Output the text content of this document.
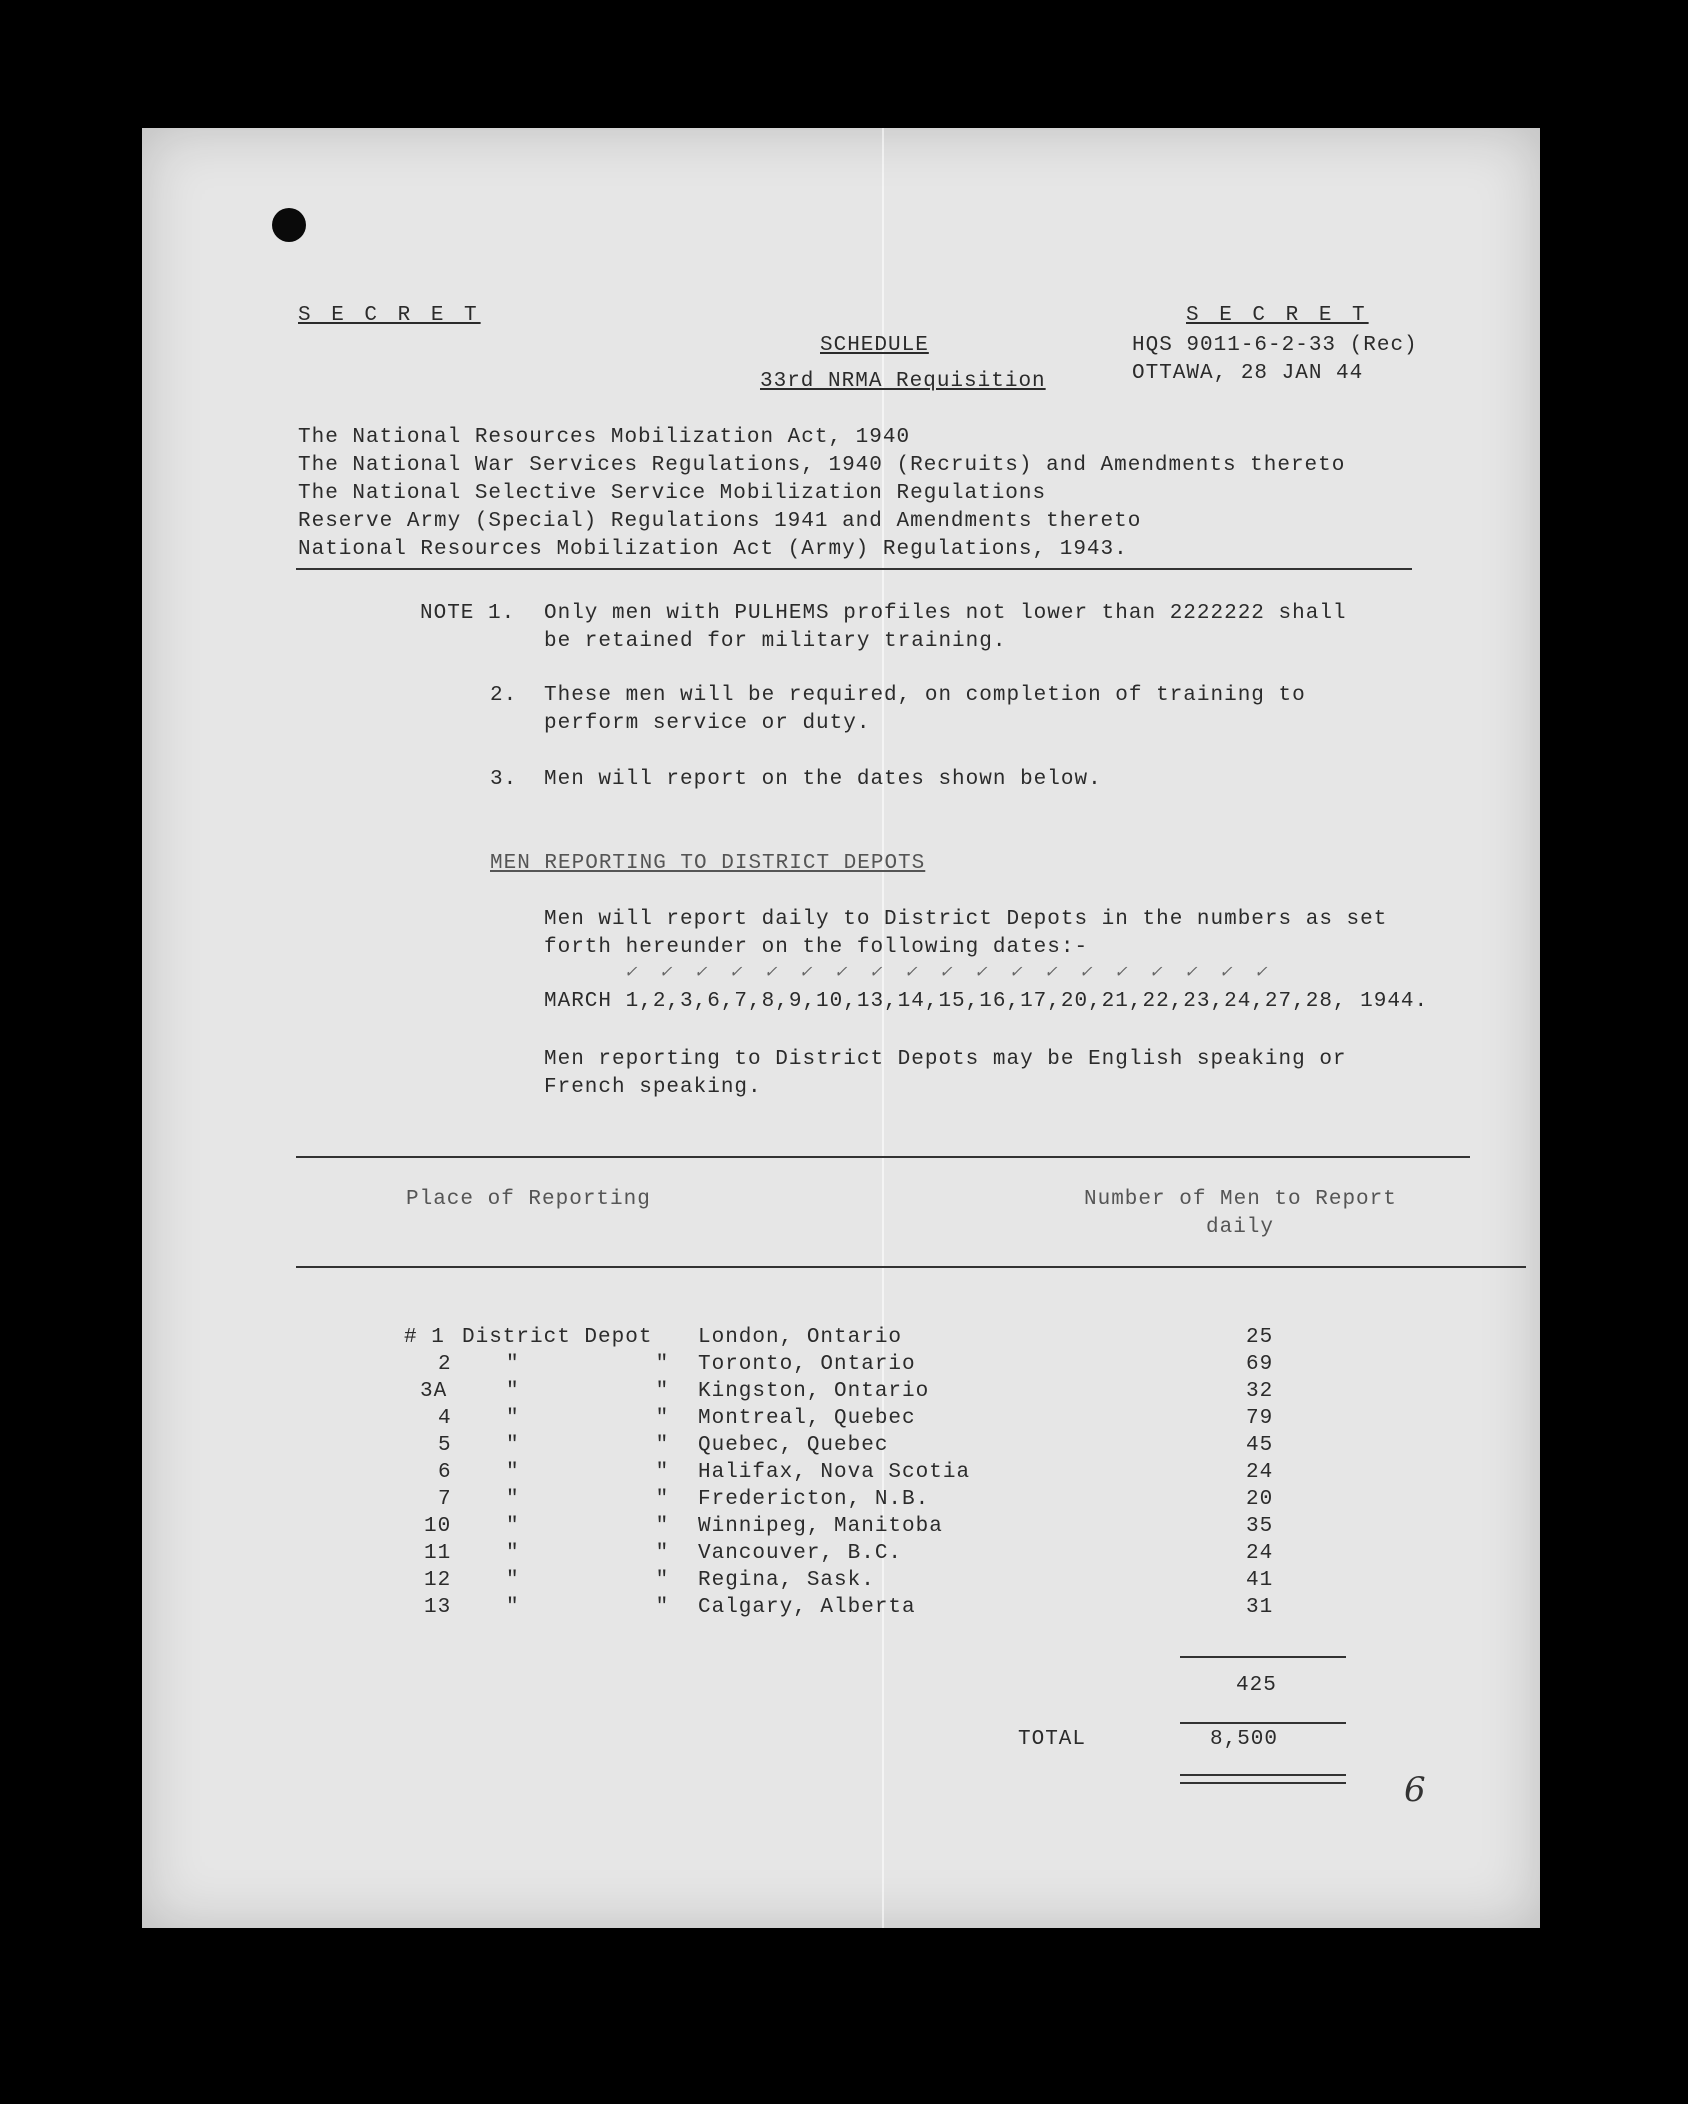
S E C R E T	S E C R E T
SCHEDULE
33rd NRMA Requisition
HQS 9011-6-2-33 (Rec)
OTTAWA, 28 JAN 44
The National Resources Mobilization Act, 1940
The National War Services Regulations, 1940 (Recruits) and Amendments thereto
The National Selective Service Mobilization Regulations
Reserve Army (Special) Regulations 1941 and Amendments thereto
National Resources Mobilization Act (Army) Regulations, 1943.
NOTE 1. Only men with PULHEMS profiles not lower than 2222222 shall
be retained for military training.
2. These men will be required, on completion of training to
perform service or duty.
3. Men will report on the dates shown below.
MEN REPORTING TO DISTRICT DEPOTS
Men will report daily to District Depots in the numbers as set
forth hereunder on the following dates:-
✓ ✓ ✓ ✓ ✓ ✓ ✓ ✓ ✓ ✓ ✓ ✓ ✓ ✓ ✓ ✓ ✓ ✓ ✓
MARCH 1,2,3,6,7,8,9,10,13,14,15,16,17,20,21,22,23,24,27,28, 1944.
Men reporting to District Depots may be English speaking or
French speaking.
Place of Reporting	Number of Men to Report
daily
# 1 District Depot London, Ontario	25
2	"          " Toronto, Ontario	69
3A	"          " Kingston, Ontario	32
4	"          " Montreal, Quebec	79
5	"          " Quebec, Quebec	45
6	"          " Halifax, Nova Scotia	24
7	"          " Fredericton, N.B.	20
10	"          " Winnipeg, Manitoba	35
11	"          " Vancouver, B.C.	24
12	"          " Regina, Sask.	41
13	"          " Calgary, Alberta	31
425
TOTAL	8,500
6
